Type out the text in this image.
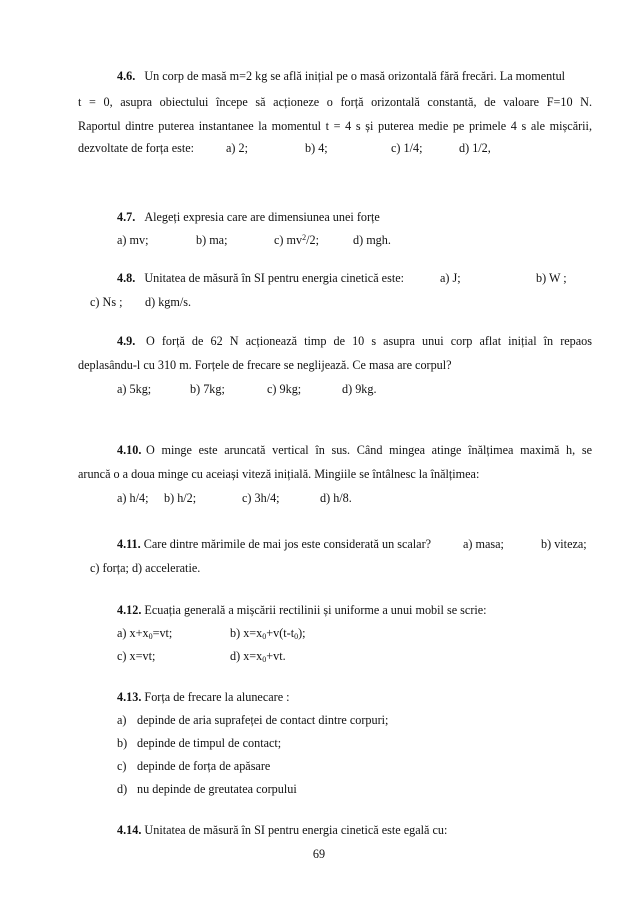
4.6. Un corp de masă m=2 kg se află inițial pe o masă orizontală fără frecări. La momentul
t = 0, asupra obiectului începe să acționeze o forță orizontală constantă, de valoare F=10 N.
Raportul dintre puterea instantanee la momentul t = 4 s și puterea medie pe primele 4 s ale mișcării,
dezvoltate de forța este:	a) 2;	b) 4;	c) 1/4;	d) 1/2,
4.7. Alegeți expresia care are dimensiunea unei forțe
a) mv;	b) ma;	c) $mv^2/2$;	d) mgh.
4.8. Unitatea de măsură în SI pentru energia cinetică este:	a) J;	b) W ;
c) Ns ; d) kgm/s.
4.9. O forță de 62 N acționează timp de 10 s asupra unui corp aflat inițial în repaos
deplasându-l cu 310 m. Forțele de frecare se neglijează. Ce masa are corpul?
a) 5kg;	b) 7kg;	c) 9kg;	d) 9kg.
4.10. O minge este aruncată vertical în sus. Când mingea atinge înălțimea maximă h, se
aruncă o a doua minge cu aceiași viteză inițială. Mingiile se întâlnesc la înălțimea:
a) h/4; b) h/2;	c) 3h/4;	d) h/8.
4.11. Care dintre mărimile de mai jos este considerată un scalar?	a) masa;	b) viteza;
c) forța; d) acceleratie.
4.12. Ecuația generală a mișcării rectilinii și uniforme a unui mobil se scrie:
a) $x+x_0=vt$;	b) $x=x_0+v(t-t_0)$;
c) x=vt;	d) $x=x_0+vt$.
4.13. Forța de frecare la alunecare :
a) depinde de aria suprafeței de contact dintre corpuri;
b) depinde de timpul de contact;
c) depinde de forța de apăsare
d) nu depinde de greutatea corpului
4.14. Unitatea de măsură în SI pentru energia cinetică este egală cu:
69
